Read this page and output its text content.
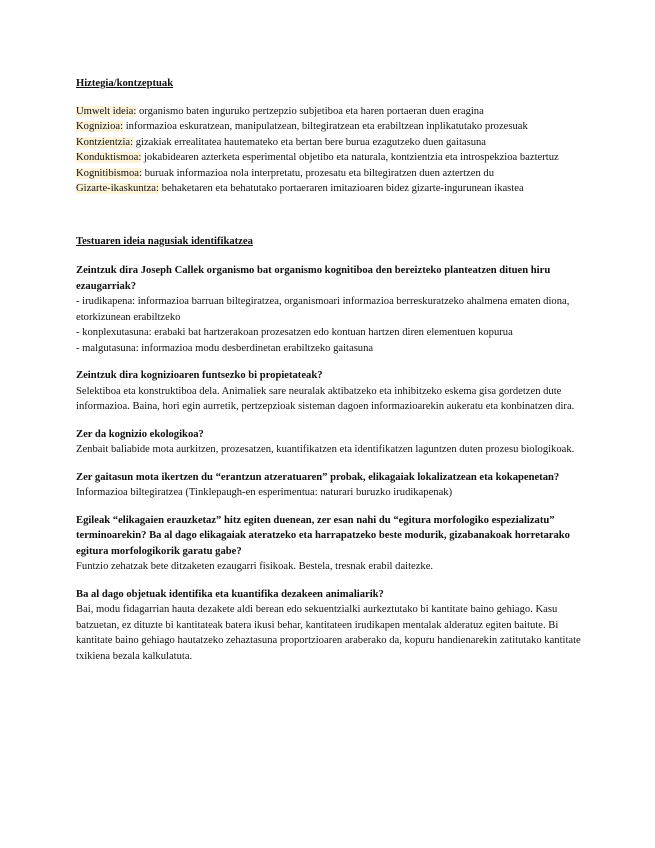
Hiztegia/kontzeptuak

Umwelt ideia: organismo baten inguruko pertzepzio subjetiboa eta haren portaeran duen eragina

Kognizioa: informazioa eskuratzean, manipulatzean, biltegiratzean eta erabiltzean inplikatutako prozesuak

Kontzientzia: gizakiak errealitatea hautemateko eta bertan bere burua ezagutzeko duen gaitasuna

Konduktismoa: jokabidearen azterketa esperimental objetibo eta naturala, kontzientzia eta introspekzioa baztertuz

Kognitibismoa: buruak informazioa nola interpretatu, prozesatu eta biltegiratzen duen aztertzen du

Gizarte-ikaskuntza: behaketaren eta behatutako portaeraren imitazioaren bidez gizarte-ingurunean ikastea

Testuaren ideia nagusiak identifikatzea

Zeintzuk dira Joseph Callek organismo bat organismo kognitiboa den bereizteko planteatzen dituen hiru ezaugarriak?

- irudikapena: informazioa barruan biltegiratzea, organismoari informazioa berreskuratzeko ahalmena ematen diona, etorkizunean erabiltzeko

- konplexutasuna: erabaki bat hartzerakoan prozesatzen edo kontuan hartzen diren elementuen kopurua

- malgutasuna: informazioa modu desberdinetan erabiltzeko gaitasuna

Zeintzuk dira kognizioaren funtsezko bi propietateak?

Selektiboa eta konstruktiboa dela. Animaliek sare neuralak aktibatzeko eta inhibitzeko eskema gisa gordetzen dute informazioa. Baina, hori egin aurretik, pertzepzioak sisteman dagoen informazioarekin aukeratu eta konbinatzen dira.

Zer da kognizio ekologikoa?

Zenbait baliabide mota aurkitzen, prozesatzen, kuantifikatzen eta identifikatzen laguntzen duten prozesu biologikoak.

Zer gaitasun mota ikertzen du “erantzun atzeratuaren” probak, elikagaiak lokalizatzean eta kokapenetan?

Informazioa biltegiratzea (Tinklepaugh-en esperimentua: naturari buruzko irudikapenak)

Egileak “elikagaien erauzketaz” hitz egiten duenean, zer esan nahi du “egitura morfologiko espezializatu” terminoarekin? Ba al dago elikagaiak ateratzeko eta harrapatzeko beste modurik, gizabanakoak horretarako egitura morfologikorik garatu gabe?

Funtzio zehatzak bete ditzaketen ezaugarri fisikoak. Bestela, tresnak erabil daitezke.

Ba al dago objetuak identifika eta kuantifika dezakeen animaliarik?

Bai, modu fidagarrian hauta dezakete aldi berean edo sekuentzialki aurkeztutako bi kantitate baino gehiago. Kasu batzuetan, ez dituzte bi kantitateak batera ikusi behar, kantitateen irudikapen mentalak alderatuz egiten baitute. Bi kantitate baino gehiago hautatzeko zehaztasuna proportzioaren araberako da, kopuru handienarekin zatitutako kantitate txikiena bezala kalkulatuta.
